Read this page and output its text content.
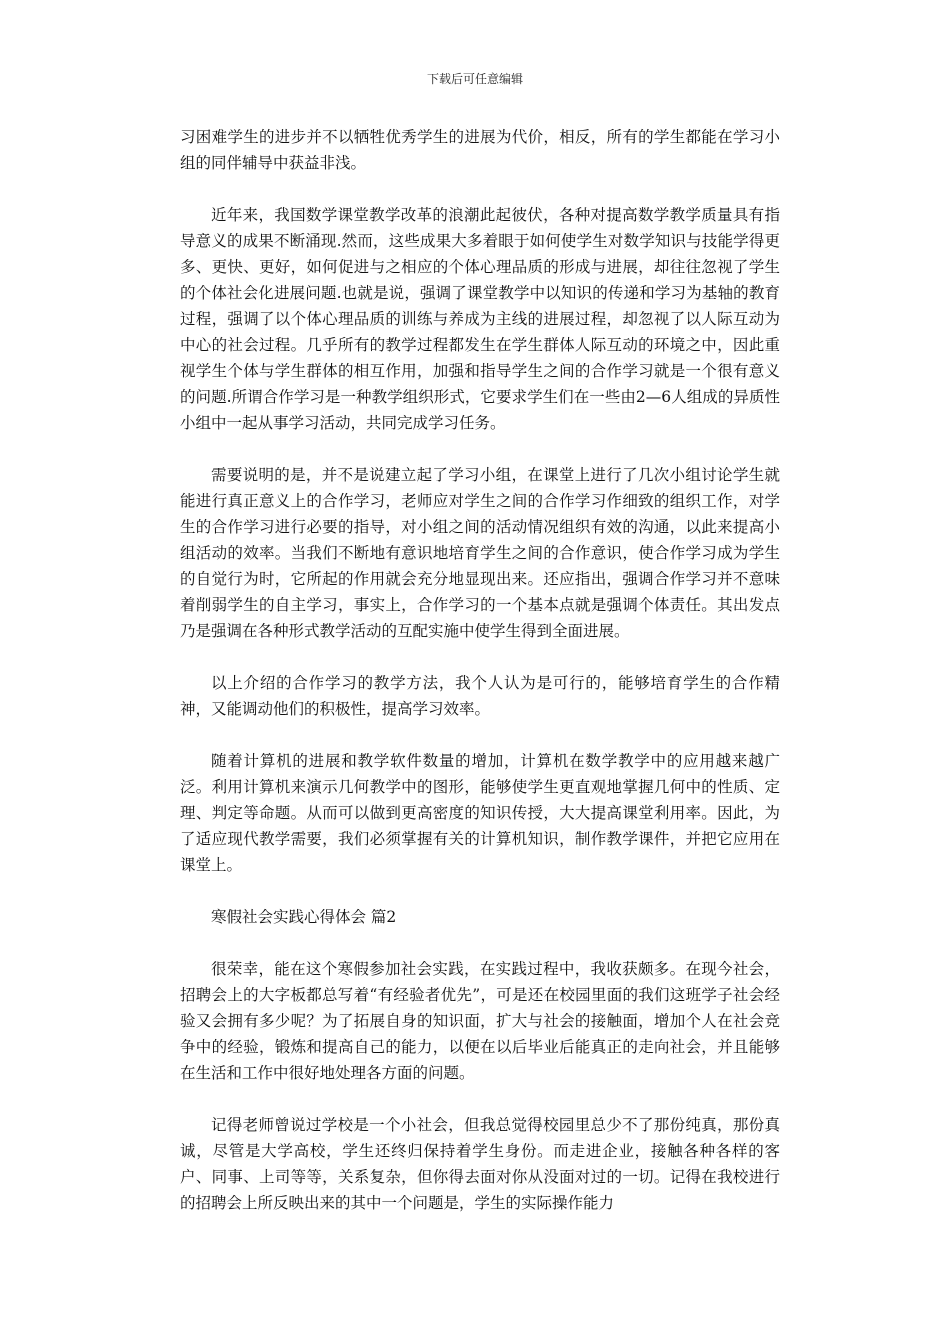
下载后可任意编辑

习困难学生的进步并不以牺牲优秀学生的进展为代价，相反，所有的学生都能在学习小组的同伴辅导中获益非浅。

近年来，我国数学课堂教学改革的浪潮此起彼伏，各种对提高数学教学质量具有指导意义的成果不断涌现.然而，这些成果大多着眼于如何使学生对数学知识与技能学得更多、更快、更好，如何促进与之相应的个体心理品质的形成与进展，却往往忽视了学生的个体社会化进展问题.也就是说，强调了课堂教学中以知识的传递和学习为基轴的教育过程，强调了以个体心理品质的训练与养成为主线的进展过程，却忽视了以人际互动为中心的社会过程。几乎所有的教学过程都发生在学生群体人际互动的环境之中，因此重视学生个体与学生群体的相互作用，加强和指导学生之间的合作学习就是一个很有意义的问题.所谓合作学习是一种教学组织形式，它要求学生们在一些由2—6人组成的异质性小组中一起从事学习活动，共同完成学习任务。

需要说明的是，并不是说建立起了学习小组，在课堂上进行了几次小组讨论学生就能进行真正意义上的合作学习，老师应对学生之间的合作学习作细致的组织工作，对学生的合作学习进行必要的指导，对小组之间的活动情况组织有效的沟通，以此来提高小组活动的效率。当我们不断地有意识地培育学生之间的合作意识，使合作学习成为学生的自觉行为时，它所起的作用就会充分地显现出来。还应指出，强调合作学习并不意味着削弱学生的自主学习，事实上，合作学习的一个基本点就是强调个体责任。其出发点乃是强调在各种形式教学活动的互配实施中使学生得到全面进展。

以上介绍的合作学习的教学方法，我个人认为是可行的，能够培育学生的合作精神，又能调动他们的积极性，提高学习效率。

随着计算机的进展和教学软件数量的增加，计算机在数学教学中的应用越来越广泛。利用计算机来演示几何教学中的图形，能够使学生更直观地掌握几何中的性质、定理、判定等命题。从而可以做到更高密度的知识传授，大大提高课堂利用率。因此，为了适应现代教学需要，我们必须掌握有关的计算机知识，制作教学课件，并把它应用在课堂上。

寒假社会实践心得体会 篇2

很荣幸，能在这个寒假参加社会实践，在实践过程中，我收获颇多。在现今社会，招聘会上的大字板都总写着“有经验者优先”，可是还在校园里面的我们这班学子社会经验又会拥有多少呢？为了拓展自身的知识面，扩大与社会的接触面，增加个人在社会竞争中的经验，锻炼和提高自己的能力，以便在以后毕业后能真正的走向社会，并且能够在生活和工作中很好地处理各方面的问题。

记得老师曾说过学校是一个小社会，但我总觉得校园里总少不了那份纯真，那份真诚，尽管是大学高校，学生还终归保持着学生身份。而走进企业，接触各种各样的客户、同事、上司等等，关系复杂，但你得去面对你从没面对过的一切。记得在我校进行的招聘会上所反映出来的其中一个问题是，学生的实际操作能力
